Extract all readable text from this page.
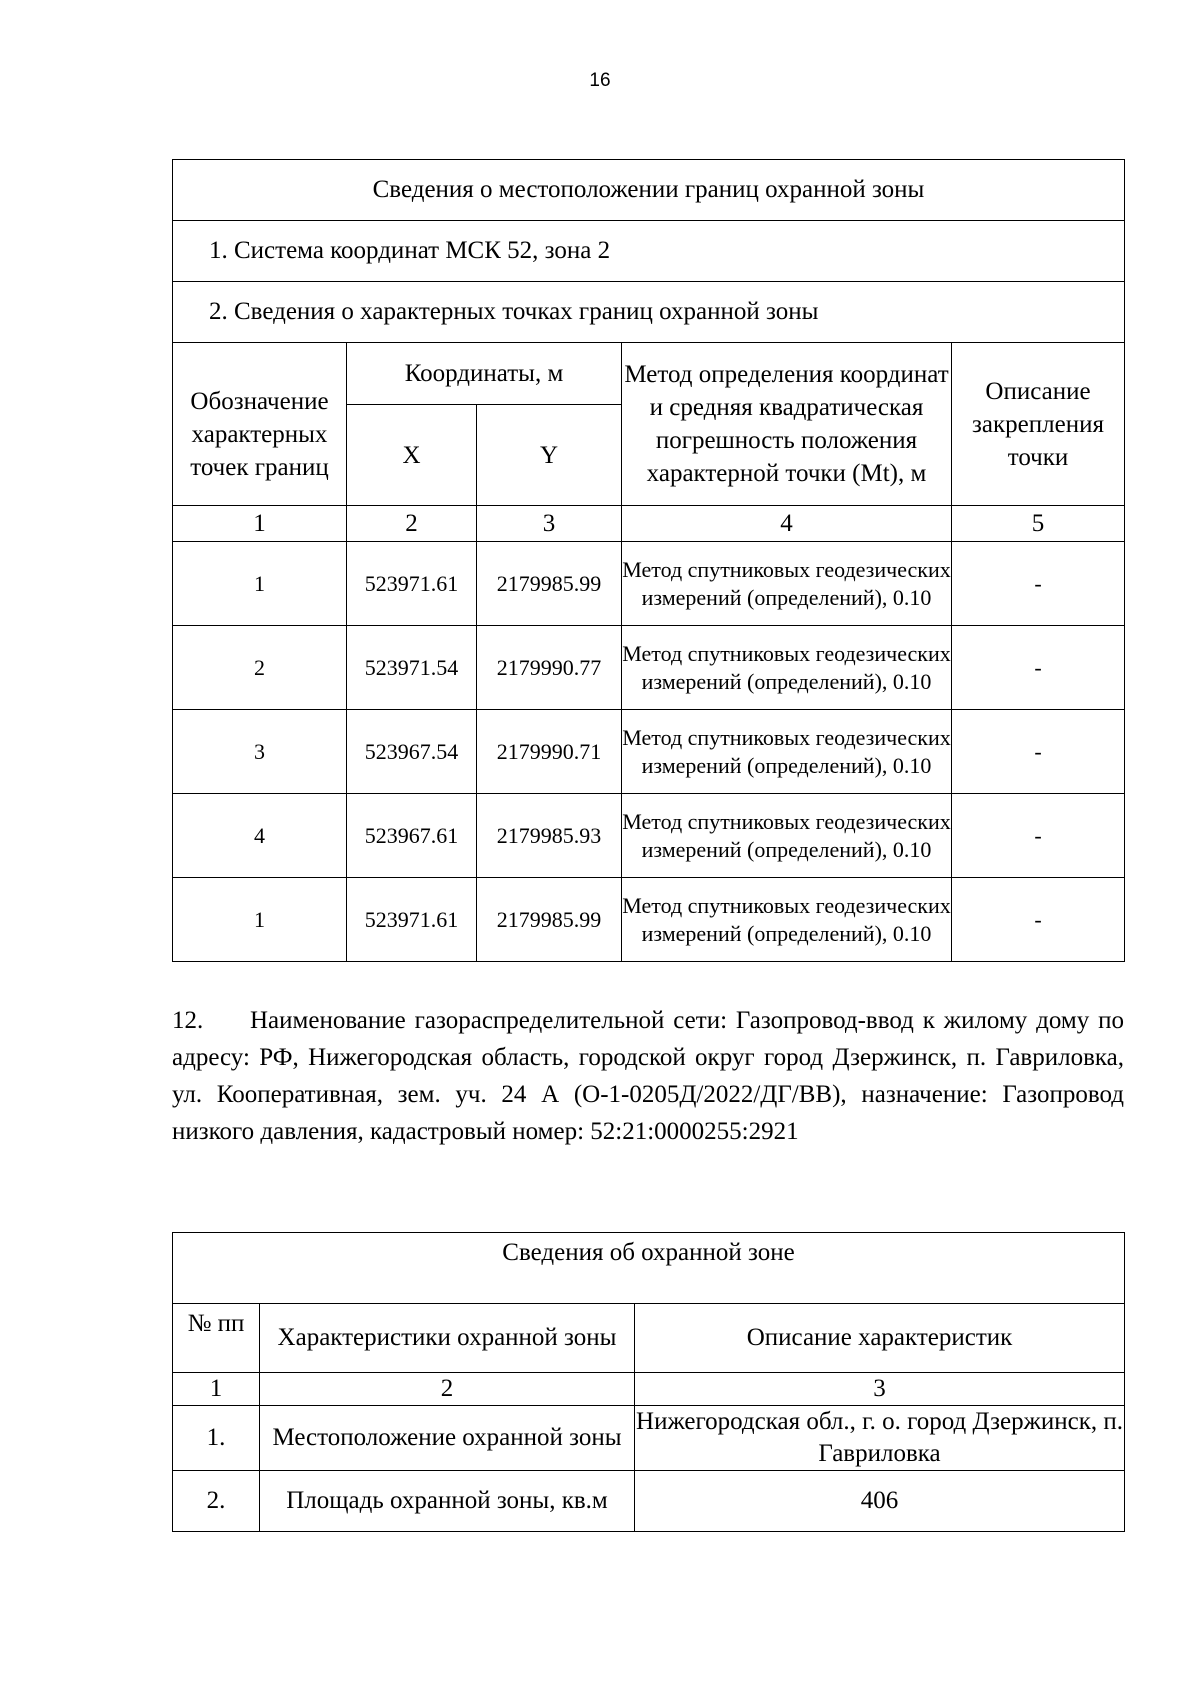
16
Сведения о местоположении границ охранной зоны				
1. Система координат МСК 52, зона 2				
2. Сведения о характерных точках границ охранной зоны				
Обозначение характерных точек границ	Координаты, м		Метод определения координат и средняя квадратическая погрешность положения характерной точки (Mt), м	Описание закрепления точки
	X	Y		
1	2	3	4	5
1	523971.61	2179985.99	Метод спутниковых геодезических измерений (определений), 0.10	-
2	523971.54	2179990.77	Метод спутниковых геодезических измерений (определений), 0.10	-
3	523967.54	2179990.71	Метод спутниковых геодезических измерений (определений), 0.10	-
4	523967.61	2179985.93	Метод спутниковых геодезических измерений (определений), 0.10	-
1	523971.61	2179985.99	Метод спутниковых геодезических измерений (определений), 0.10	-

12. Наименование газораспределительной сети: Газопровод-ввод к жилому дому по адресу: РФ, Нижегородская область, городской округ город Дзержинск, п. Гавриловка, ул. Кооперативная, зем. уч. 24 А (О-1-0205Д/2022/ДГ/ВВ), назначение: Газопровод низкого давления, кадастровый номер: 52:21:0000255:2921

Сведения об охранной зоне		
№ пп	Характеристики охранной зоны	Описание характеристик
1	2	3
1.	Местоположение охранной зоны	Нижегородская обл., г. о. город Дзержинск, п. Гавриловка
2.	Площадь охранной зоны, кв.м	406
